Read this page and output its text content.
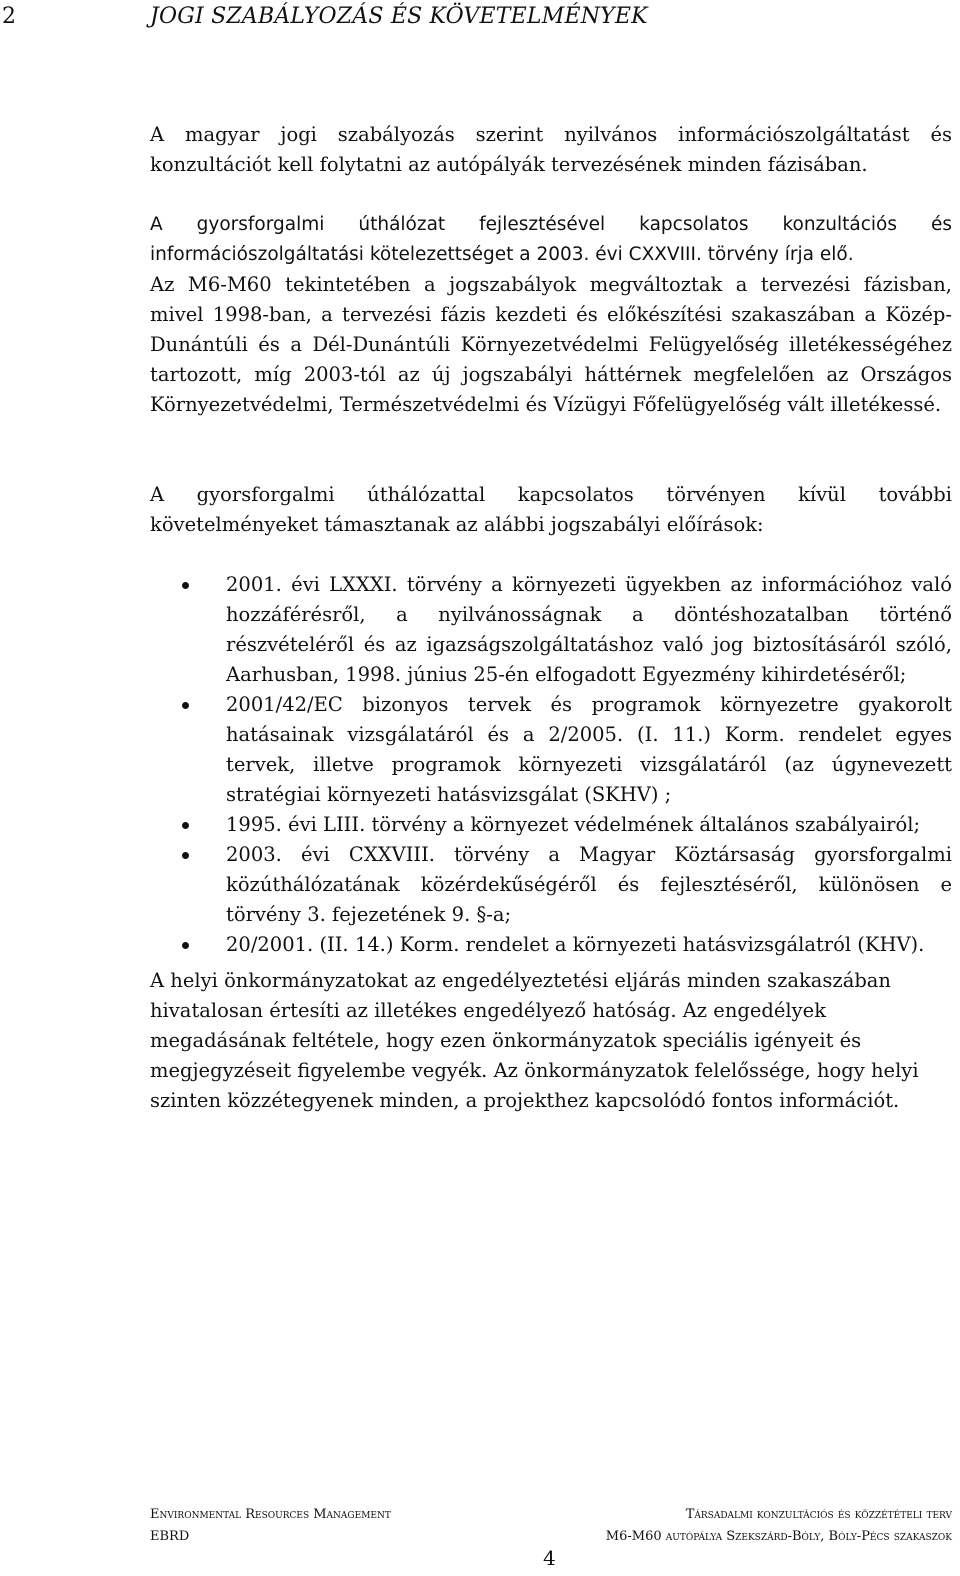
2	JOGI SZABÁLYOZÁS ÉS KÖVETELMÉNYEK

A magyar jogi szabályozás szerint nyilvános információszolgáltatást és konzultációt kell folytatni az autópályák tervezésének minden fázisában.

A gyorsforgalmi úthálózat fejlesztésével kapcsolatos konzultációs és információszolgáltatási kötelezettséget a 2003. évi CXXVIII. törvény írja elő.

Az M6-M60 tekintetében a jogszabályok megváltoztak a tervezési fázisban, mivel 1998-ban, a tervezési fázis kezdeti és előkészítési szakaszában a Közép-Dunántúli és a Dél-Dunántúli Környezetvédelmi Felügyelőség illetékességéhez tartozott, míg 2003-tól az új jogszabályi háttérnek megfelelően az Országos Környezetvédelmi, Természetvédelmi és Vízügyi Főfelügyelőség vált illetékessé.

A gyorsforgalmi úthálózattal kapcsolatos törvényen kívül további követelményeket támasztanak az alábbi jogszabályi előírások:

2001. évi LXXXI. törvény a környezeti ügyekben az információhoz való hozzáférésről, a nyilvánosságnak a döntéshozatalban történő részvételéről és az igazságszolgáltatáshoz való jog biztosításáról szóló, Aarhusban, 1998. június 25-én elfogadott Egyezmény kihirdetéséről;
2001/42/EC bizonyos tervek és programok környezetre gyakorolt hatásainak vizsgálatáról és a 2/2005. (I. 11.) Korm. rendelet egyes tervek, illetve programok környezeti vizsgálatáról (az úgynevezett stratégiai környezeti hatásvizsgálat (SKHV) ;
1995. évi LIII. törvény a környezet védelmének általános szabályairól;
2003. évi CXXVIII. törvény a Magyar Köztársaság gyorsforgalmi közúthálózatának közérdekűségéről és fejlesztéséről, különösen e törvény 3. fejezetének 9. §-a;
20/2001. (II. 14.) Korm. rendelet a környezeti hatásvizsgálatról (KHV).

A helyi önkormányzatokat az engedélyeztetési eljárás minden szakaszában hivatalosan értesíti az illetékes engedélyező hatóság. Az engedélyek megadásának feltétele, hogy ezen önkormányzatok speciális igényeit és megjegyzéseit figyelembe vegyék. Az önkormányzatok felelőssége, hogy helyi szinten közzétegyenek minden, a projekthez kapcsolódó fontos információt.

Environmental Resources Management
EBRD
Társadalmi konzultációs és közzétételi terv
M6-M60 autópálya Szekszárd-Bóly, Bóly-Pécs szakaszok
4
